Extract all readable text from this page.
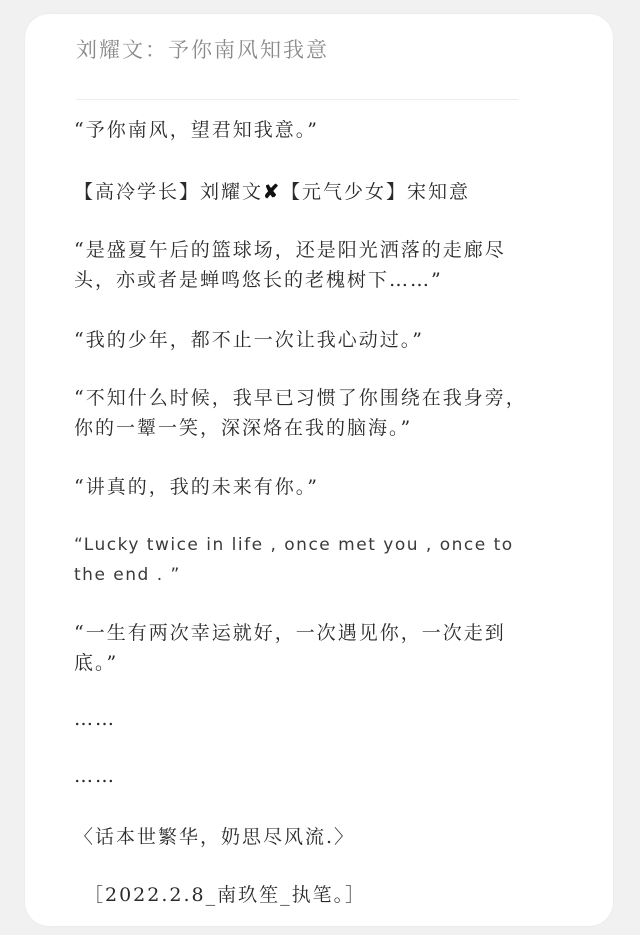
刘耀文：予你南风知我意
“予你南风，望君知我意。”
【高冷学长】刘耀文✘【元气少女】宋知意
“是盛夏午后的篮球场，还是阳光洒落的走廊尽
头，亦或者是蝉鸣悠长的老槐树下……”
“我的少年，都不止一次让我心动过。”
“不知什么时候，我早已习惯了你围绕在我身旁，
你的一颦一笑，深深烙在我的脑海。”
“讲真的，我的未来有你。”
“Lucky twice in life , once met you , once to
the end . ”
“一生有两次幸运就好，一次遇见你，一次走到
底。”
……
……
〈话本世繁华，奶思尽风流.〉
［2022.2.8_南玖笙_执笔。］
